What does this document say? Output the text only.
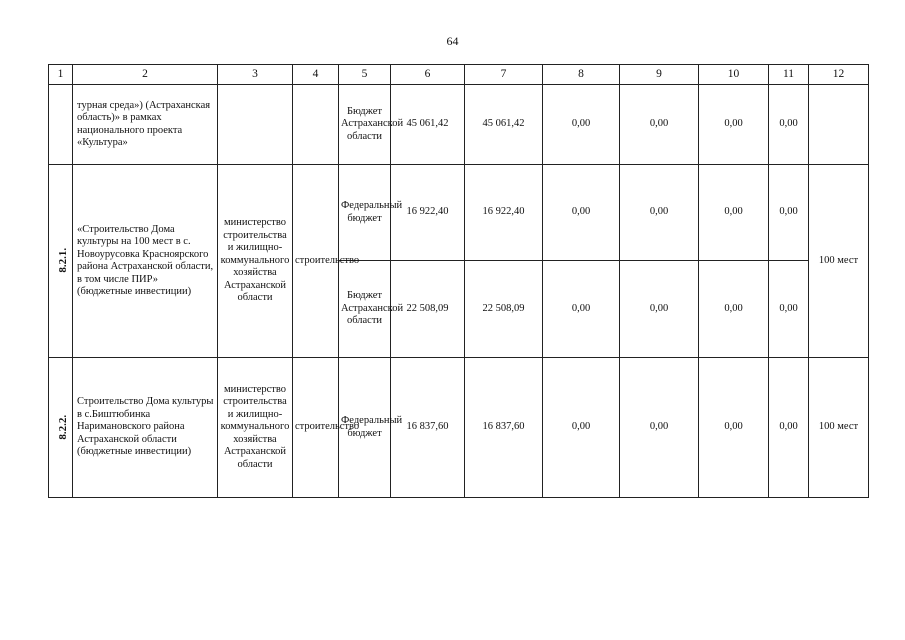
64
1	2	3	4	5	6	7	8	9	10	11	12
	турная среда») (Астраханская область)» в рамках национального проекта «Культура»			Бюджет Астраханской области	45 061,42	45 061,42	0,00	0,00	0,00	0,00	
8.2.1.	«Строительство Дома культуры на 100 мест в с. Новоурусовка Красноярского района Астраханской области, в том числе ПИР» (бюджетные инвестиции)	министерство строительства и жилищно-коммунального хозяйства Астраханской области	строительство	Федеральный бюджет	16 922,40	16 922,40	0,00	0,00	0,00	0,00	100 мест
				Бюджет Астраханской области	22 508,09	22 508,09	0,00	0,00	0,00	0,00	
8.2.2.	Строительство Дома культуры в с.Биштюбинка Наримановского района Астраханской области (бюджетные инвестиции)	министерство строительства и жилищно-коммунального хозяйства Астраханской области	строительство	Федеральный бюджет	16 837,60	16 837,60	0,00	0,00	0,00	0,00	100 мест
